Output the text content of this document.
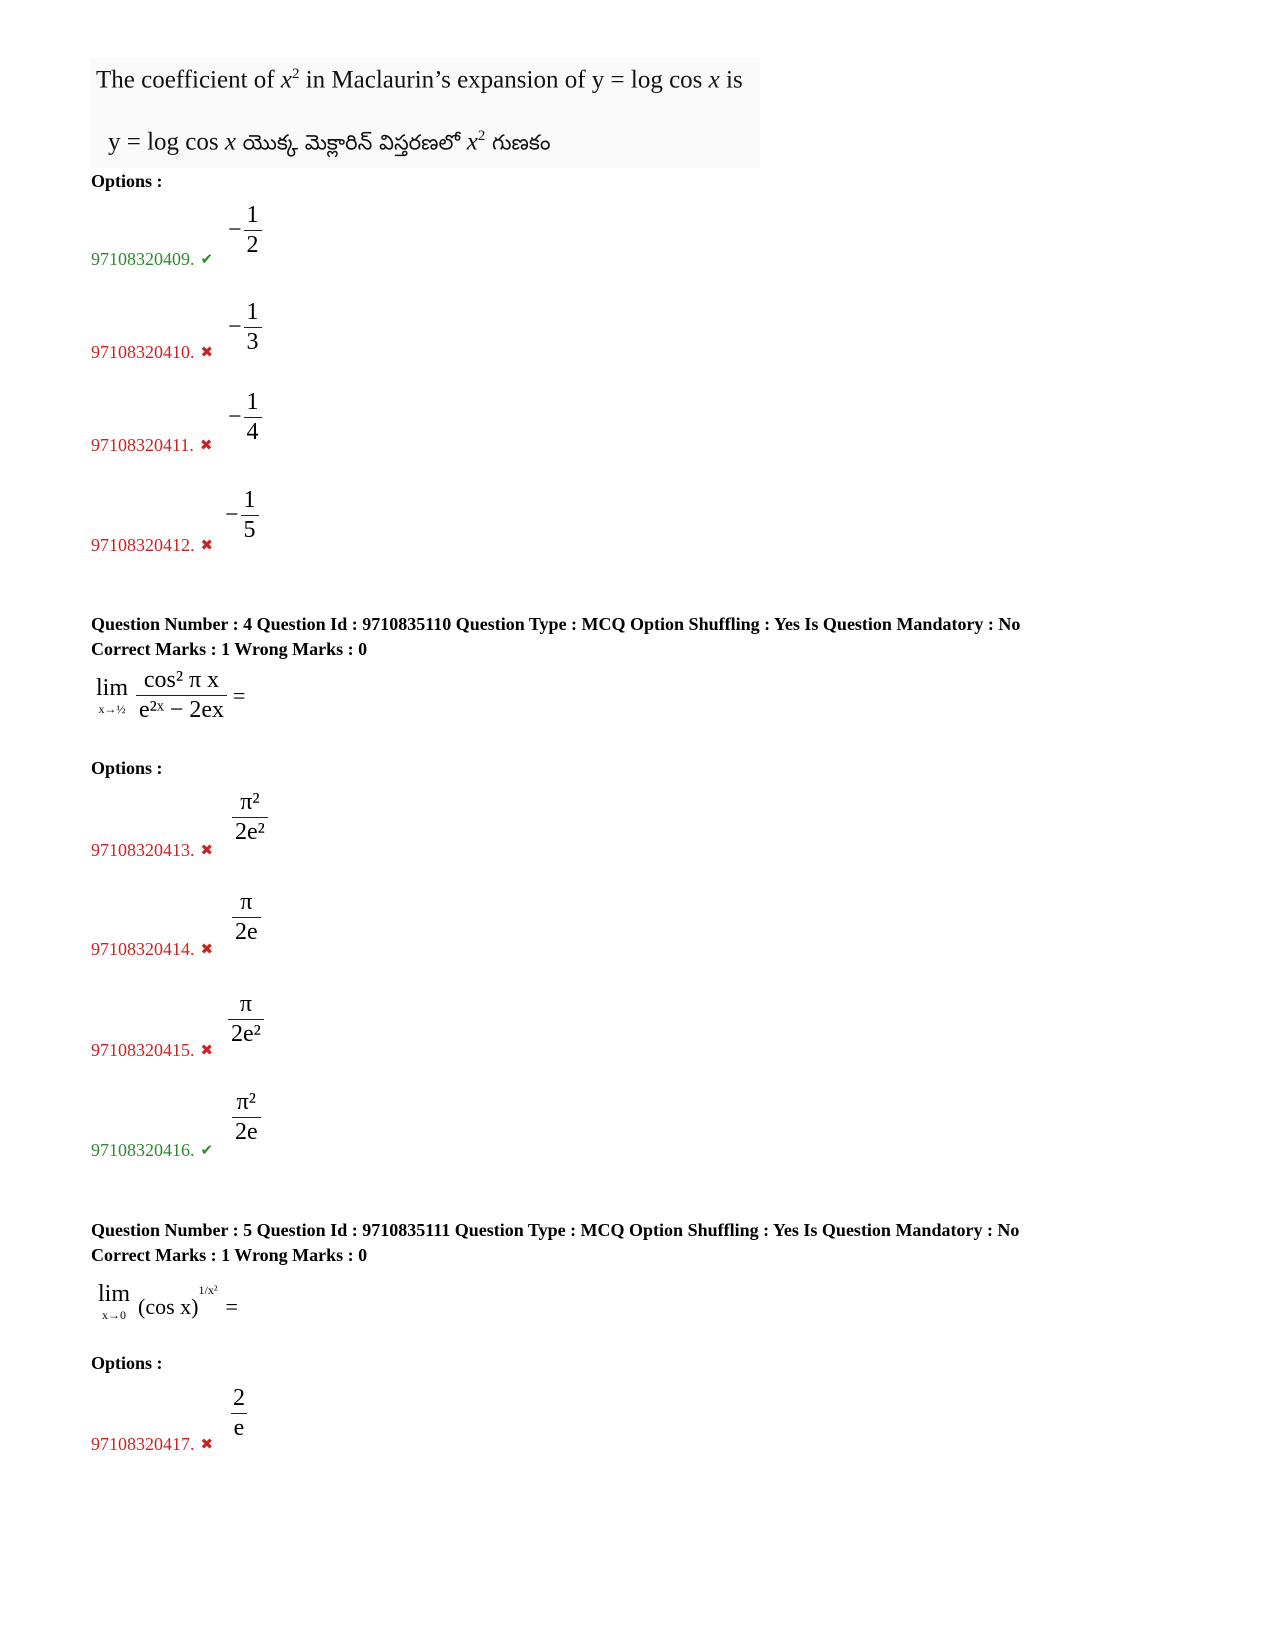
The coefficient of $x^2$ in Maclaurin’s expansion of y = log cos x is
y = log cos x యొక్క మెక్లారిన్ విస్తరణలో $x^2$ గుణకం
Options :
− $\frac{1}{2}$
97108320409. ✔
− $\frac{1}{3}$
97108320410. ✖
− $\frac{1}{4}$
97108320411. ✖
− $\frac{1}{5}$
97108320412. ✖
Question Number : 4 Question Id : 9710835110 Question Type : MCQ Option Shuffling : Yes Is Question Mandatory : No
Correct Marks : 1 Wrong Marks : 0
lim
x→½ $\frac{\text{cos² π x}}{\text{e²ˣ − 2ex}}$ =
Options :
$\frac{\text{π²}}{\text{2e²}}$
97108320413. ✖
$\frac{\pi}{2e}$
97108320414. ✖
$\frac{\pi}{\text{2e²}}$
97108320415. ✖
$\frac{\text{π²}}{2e}$
97108320416. ✔
Question Number : 5 Question Id : 9710835111 Question Type : MCQ Option Shuffling : Yes Is Question Mandatory : No
Correct Marks : 1 Wrong Marks : 0
lim
x→0 (cos x)
1/x²
=
Options :
$\frac{2}{e}$
97108320417. ✖
